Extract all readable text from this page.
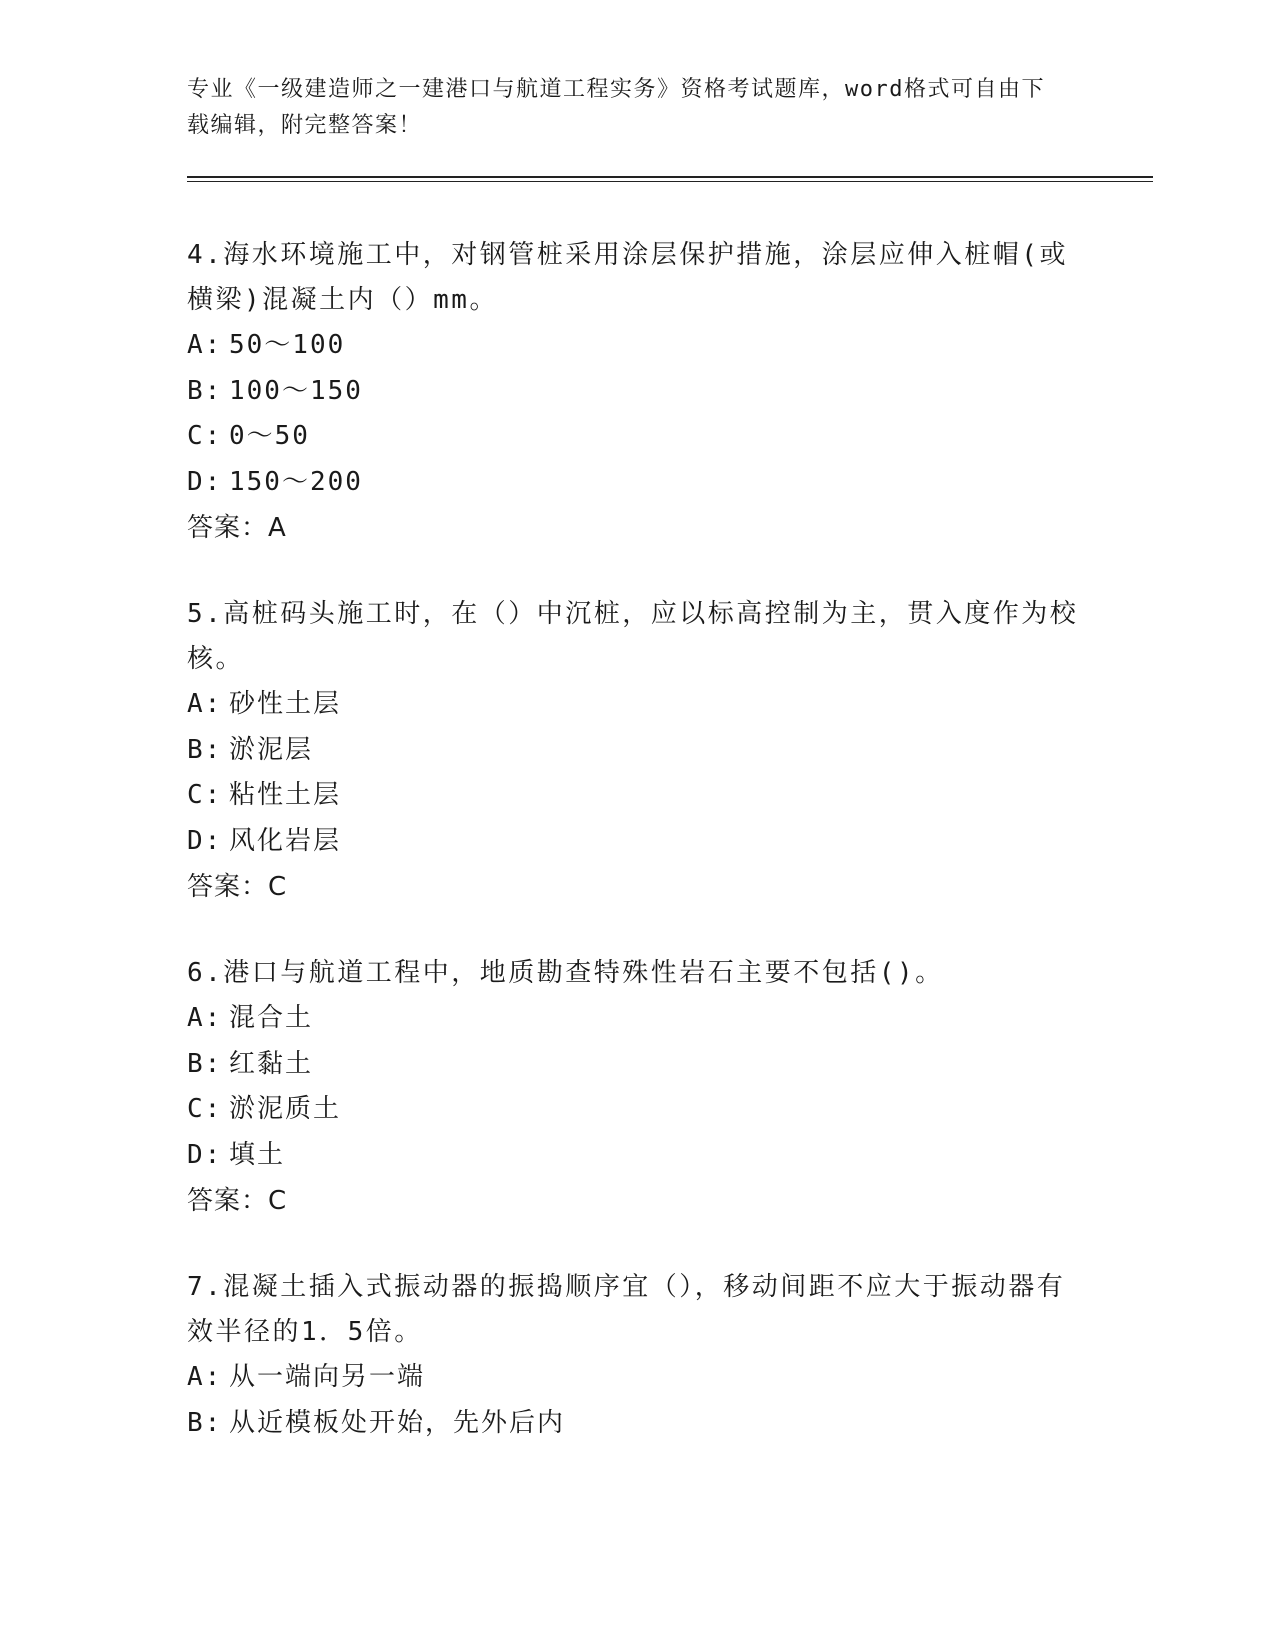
专业《一级建造师之一建港口与航道工程实务》资格考试题库，word格式可自由下载编辑，附完整答案！

4.海水环境施工中，对钢管桩采用涂层保护措施，涂层应伸入桩帽(或横梁)混凝土内（）mm。

A: 50～100

B: 100～150

C: 0～50

D: 150～200

答案：A

5.高桩码头施工时，在（）中沉桩，应以标高控制为主，贯入度作为校核。

A: 砂性土层

B: 淤泥层

C: 粘性土层

D: 风化岩层

答案：C

6.港口与航道工程中，地质勘查特殊性岩石主要不包括()。

A: 混合土

B: 红黏土

C: 淤泥质土

D: 填土

答案：C

7.混凝土插入式振动器的振捣顺序宜（），移动间距不应大于振动器有效半径的1．5倍。

A: 从一端向另一端

B: 从近模板处开始，先外后内
